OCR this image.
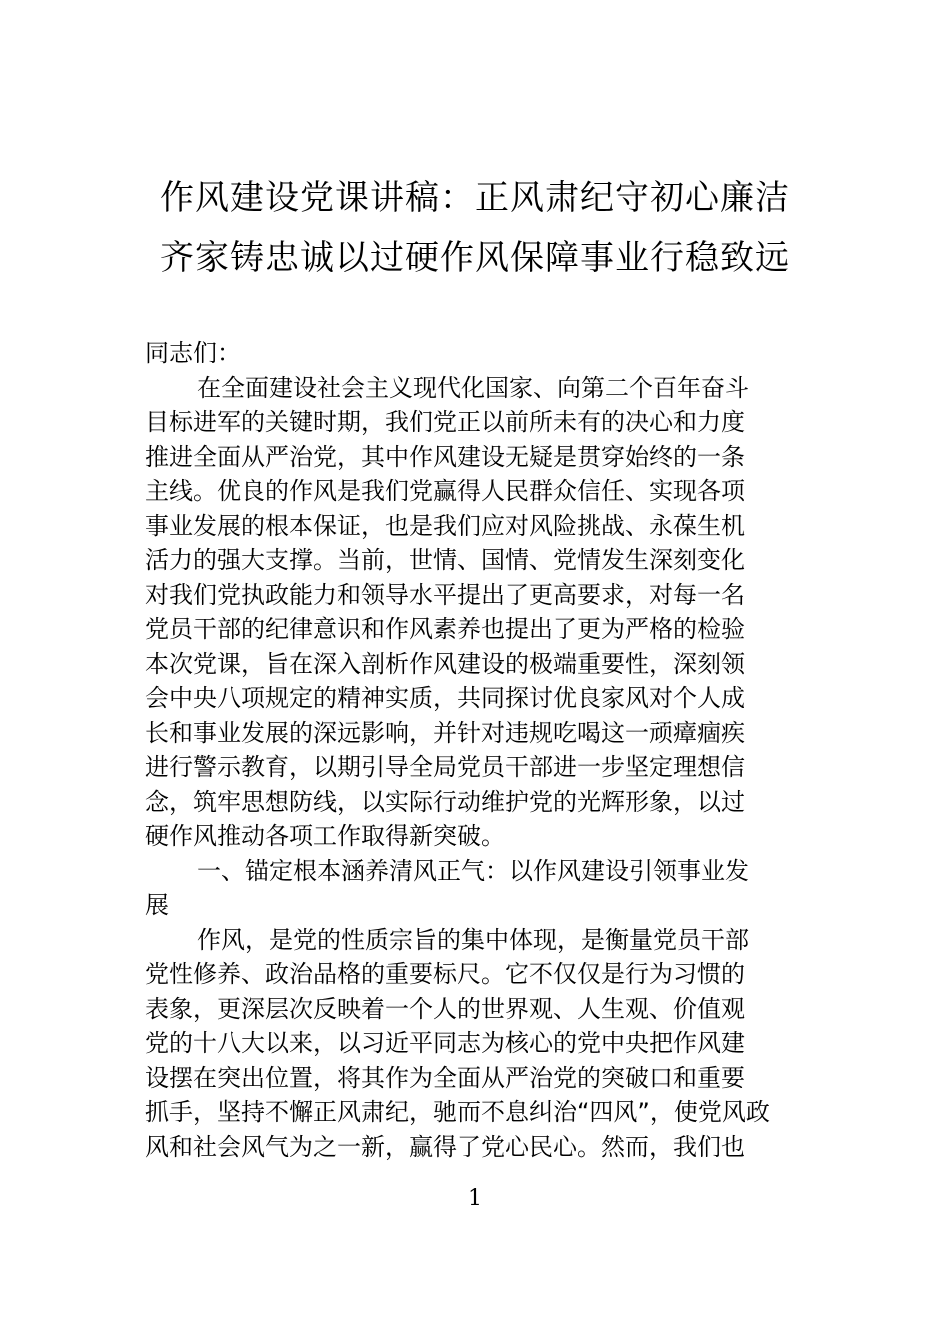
作风建设党课讲稿：正风肃纪守初心廉洁
齐家铸忠诚以过硬作风保障事业行稳致远
同志们：
在全面建设社会主义现代化国家、向第二个百年奋斗
目标进军的关键时期，我们党正以前所未有的决心和力度
推进全面从严治党，其中作风建设无疑是贯穿始终的一条
主线。优良的作风是我们党赢得人民群众信任、实现各项
事业发展的根本保证，也是我们应对风险挑战、永葆生机
活力的强大支撑。当前，世情、国情、党情发生深刻变化
对我们党执政能力和领导水平提出了更高要求，对每一名
党员干部的纪律意识和作风素养也提出了更为严格的检验
本次党课，旨在深入剖析作风建设的极端重要性，深刻领
会中央八项规定的精神实质，共同探讨优良家风对个人成
长和事业发展的深远影响，并针对违规吃喝这一顽瘴痼疾
进行警示教育，以期引导全局党员干部进一步坚定理想信
念，筑牢思想防线，以实际行动维护党的光辉形象，以过
硬作风推动各项工作取得新突破。
一、锚定根本涵养清风正气：以作风建设引领事业发
展
作风，是党的性质宗旨的集中体现，是衡量党员干部
党性修养、政治品格的重要标尺。它不仅仅是行为习惯的
表象，更深层次反映着一个人的世界观、人生观、价值观
党的十八大以来，以习近平同志为核心的党中央把作风建
设摆在突出位置，将其作为全面从严治党的突破口和重要
抓手，坚持不懈正风肃纪，驰而不息纠治“四风”，使党风政
风和社会风气为之一新，赢得了党心民心。然而，我们也
1
